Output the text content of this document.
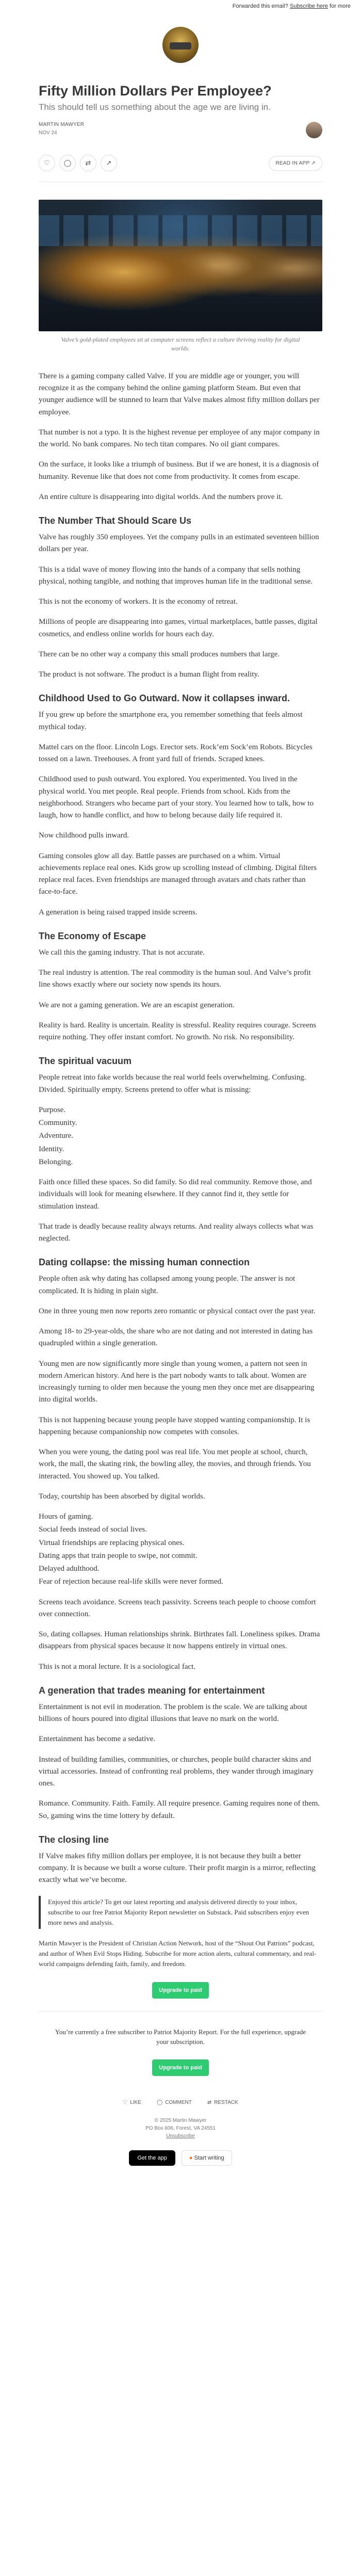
Forwarded this email? Subscribe here for more
Fifty Million Dollars Per Employee?
This should tell us something about the age we are living in.
MARTIN MAWYER
NOV 24
♡	◯	⇄	↗	READ IN APP ↗
Valve’s gold-plated employees sit at computer screens reflect a culture thriving reality for digital worlds.

There is a gaming company called Valve. If you are middle age or younger, you will recognize it as the company behind the online gaming platform Steam. But even that younger audience will be stunned to learn that Valve makes almost fifty million dollars per employee.

That number is not a typo. It is the highest revenue per employee of any major company in the world. No bank compares. No tech titan compares. No oil giant compares.

On the surface, it looks like a triumph of business. But if we are honest, it is a diagnosis of humanity. Revenue like that does not come from productivity. It comes from escape.

An entire culture is disappearing into digital worlds. And the numbers prove it.

The Number That Should Scare Us

Valve has roughly 350 employees. Yet the company pulls in an estimated seventeen billion dollars per year.

This is a tidal wave of money flowing into the hands of a company that sells nothing physical, nothing tangible, and nothing that improves human life in the traditional sense.

This is not the economy of workers. It is the economy of retreat.

Millions of people are disappearing into games, virtual marketplaces, battle passes, digital cosmetics, and endless online worlds for hours each day.

There can be no other way a company this small produces numbers that large.

The product is not software. The product is a human flight from reality.

Childhood Used to Go Outward. Now it collapses inward.

If you grew up before the smartphone era, you remember something that feels almost mythical today.

Mattel cars on the floor. Lincoln Logs. Erector sets. Rock’em Sock’em Robots. Bicycles tossed on a lawn. Treehouses. A front yard full of friends. Scraped knees.

Childhood used to push outward. You explored. You experimented. You lived in the physical world. You met people. Real people. Friends from school. Kids from the neighborhood. Strangers who became part of your story. You learned how to talk, how to laugh, how to handle conflict, and how to belong because daily life required it.

Now childhood pulls inward.

Gaming consoles glow all day. Battle passes are purchased on a whim. Virtual achievements replace real ones. Kids grow up scrolling instead of climbing. Digital filters replace real faces. Even friendships are managed through avatars and chats rather than face-to-face.

A generation is being raised trapped inside screens.

The Economy of Escape

We call this the gaming industry. That is not accurate.

The real industry is attention. The real commodity is the human soul. And Valve’s profit line shows exactly where our society now spends its hours.

We are not a gaming generation. We are an escapist generation.

Reality is hard. Reality is uncertain. Reality is stressful. Reality requires courage. Screens require nothing. They offer instant comfort. No growth. No risk. No responsibility.

The spiritual vacuum

People retreat into fake worlds because the real world feels overwhelming. Confusing. Divided. Spiritually empty. Screens pretend to offer what is missing:

Purpose.

Community.

Adventure.

Identity.

Belonging.

Faith once filled these spaces. So did family. So did real community. Remove those, and individuals will look for meaning elsewhere. If they cannot find it, they settle for stimulation instead.

That trade is deadly because reality always returns. And reality always collects what was neglected.

Dating collapse: the missing human connection

People often ask why dating has collapsed among young people. The answer is not complicated. It is hiding in plain sight.

One in three young men now reports zero romantic or physical contact over the past year.

Among 18- to 29-year-olds, the share who are not dating and not interested in dating has quadrupled within a single generation.

Young men are now significantly more single than young women, a pattern not seen in modern American history. And here is the part nobody wants to talk about. Women are increasingly turning to older men because the young men they once met are disappearing into digital worlds.

This is not happening because young people have stopped wanting companionship. It is happening because companionship now competes with consoles.

When you were young, the dating pool was real life. You met people at school, church, work, the mall, the skating rink, the bowling alley, the movies, and through friends. You interacted. You showed up. You talked.

Today, courtship has been absorbed by digital worlds.

Hours of gaming.

Social feeds instead of social lives.

Virtual friendships are replacing physical ones.

Dating apps that train people to swipe, not commit.

Delayed adulthood.

Fear of rejection because real-life skills were never formed.

Screens teach avoidance. Screens teach passivity. Screens teach people to choose comfort over connection.

So, dating collapses. Human relationships shrink. Birthrates fall. Loneliness spikes. Drama disappears from physical spaces because it now happens entirely in virtual ones.

This is not a moral lecture. It is a sociological fact.

A generation that trades meaning for entertainment

Entertainment is not evil in moderation. The problem is the scale. We are talking about billions of hours poured into digital illusions that leave no mark on the world.

Entertainment has become a sedative.

Instead of building families, communities, or churches, people build character skins and virtual accessories. Instead of confronting real problems, they wander through imaginary ones.

Romance. Community. Faith. Family. All require presence. Gaming requires none of them. So, gaming wins the time lottery by default.

The closing line

If Valve makes fifty million dollars per employee, it is not because they built a better company. It is because we built a worse culture. Their profit margin is a mirror, reflecting exactly what we’ve become.

Enjoyed this article? To get our latest reporting and analysis delivered directly to your inbox, subscribe to our free Patriot Majority Report newsletter on Substack. Paid subscribers enjoy even more news and analysis.

Martin Mawyer is the President of Christian Action Network, host of the “Shout Out Patriots” podcast, and author of When Evil Stops Hiding. Subscribe for more action alerts, cultural commentary, and real-world campaigns defending faith, family, and freedom.

Upgrade to paid
You’re currently a free subscriber to Patriot Majority Report. For the full experience, upgrade your subscription.
Upgrade to paid
♡ LIKE	◯ COMMENT	⇄ RESTACK
© 2025 Martin Mawyer
PO Box 606, Forest, VA 24551
Unsubscribe
Get the app	● Start writing
